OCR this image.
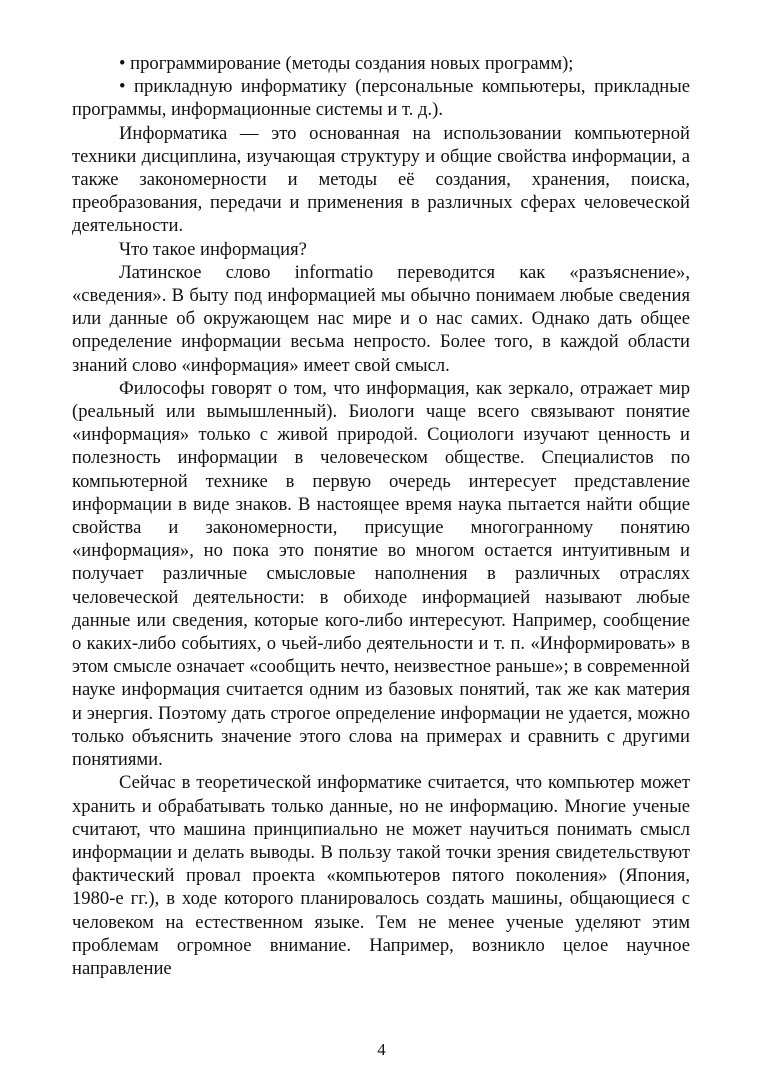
• программирование (методы создания новых программ);

• прикладную информатику (персональные компьютеры, прикладные программы, информационные системы и т. д.).

Информатика — это основанная на использовании компьютерной техники дисциплина, изучающая структуру и общие свойства информации, а также закономерности и методы её создания, хранения, поиска, преобразования, передачи и применения в различных сферах человеческой деятельности.

Что такое информация?

Латинское слово informatio переводится как «разъяснение», «сведения». В быту под информацией мы обычно понимаем любые сведения или данные об окружающем нас мире и о нас самих. Однако дать общее определение информации весьма непросто. Более того, в каждой области знаний слово «информация» имеет свой смысл.

Философы говорят о том, что информация, как зеркало, отражает мир (реальный или вымышленный). Биологи чаще всего связывают понятие «информация» только с живой природой. Социологи изучают ценность и полезность информации в человеческом обществе. Специалистов по компьютерной технике в первую очередь интересует представление информации в виде знаков. В настоящее время наука пытается найти общие свойства и закономерности, присущие многогранному понятию «информация», но пока это понятие во многом остается интуитивным и получает различные смысловые наполнения в различных отраслях человеческой деятельности: в обиходе информацией называют любые данные или сведения, которые кого-либо интересуют. Например, сообщение о каких-либо событиях, о чьей-либо деятельности и т. п. «Информировать» в этом смысле означает «сообщить нечто, неизвестное раньше»; в современной науке информация считается одним из базовых понятий, так же как материя и энергия. Поэтому дать строгое определение информации не удается, можно только объяснить значение этого слова на примерах и сравнить с другими понятиями.

Сейчас в теоретической информатике считается, что компьютер может хранить и обрабатывать только данные, но не информацию. Многие ученые считают, что машина принципиально не может научиться понимать смысл информации и делать выводы. В пользу такой точки зрения свидетельствуют фактический провал проекта «компьютеров пятого поколения» (Япония, 1980-е гг.), в ходе которого планировалось создать машины, общающиеся с человеком на естественном языке. Тем не менее ученые уделяют этим проблемам огромное внимание. Например, возникло целое научное направление

4
